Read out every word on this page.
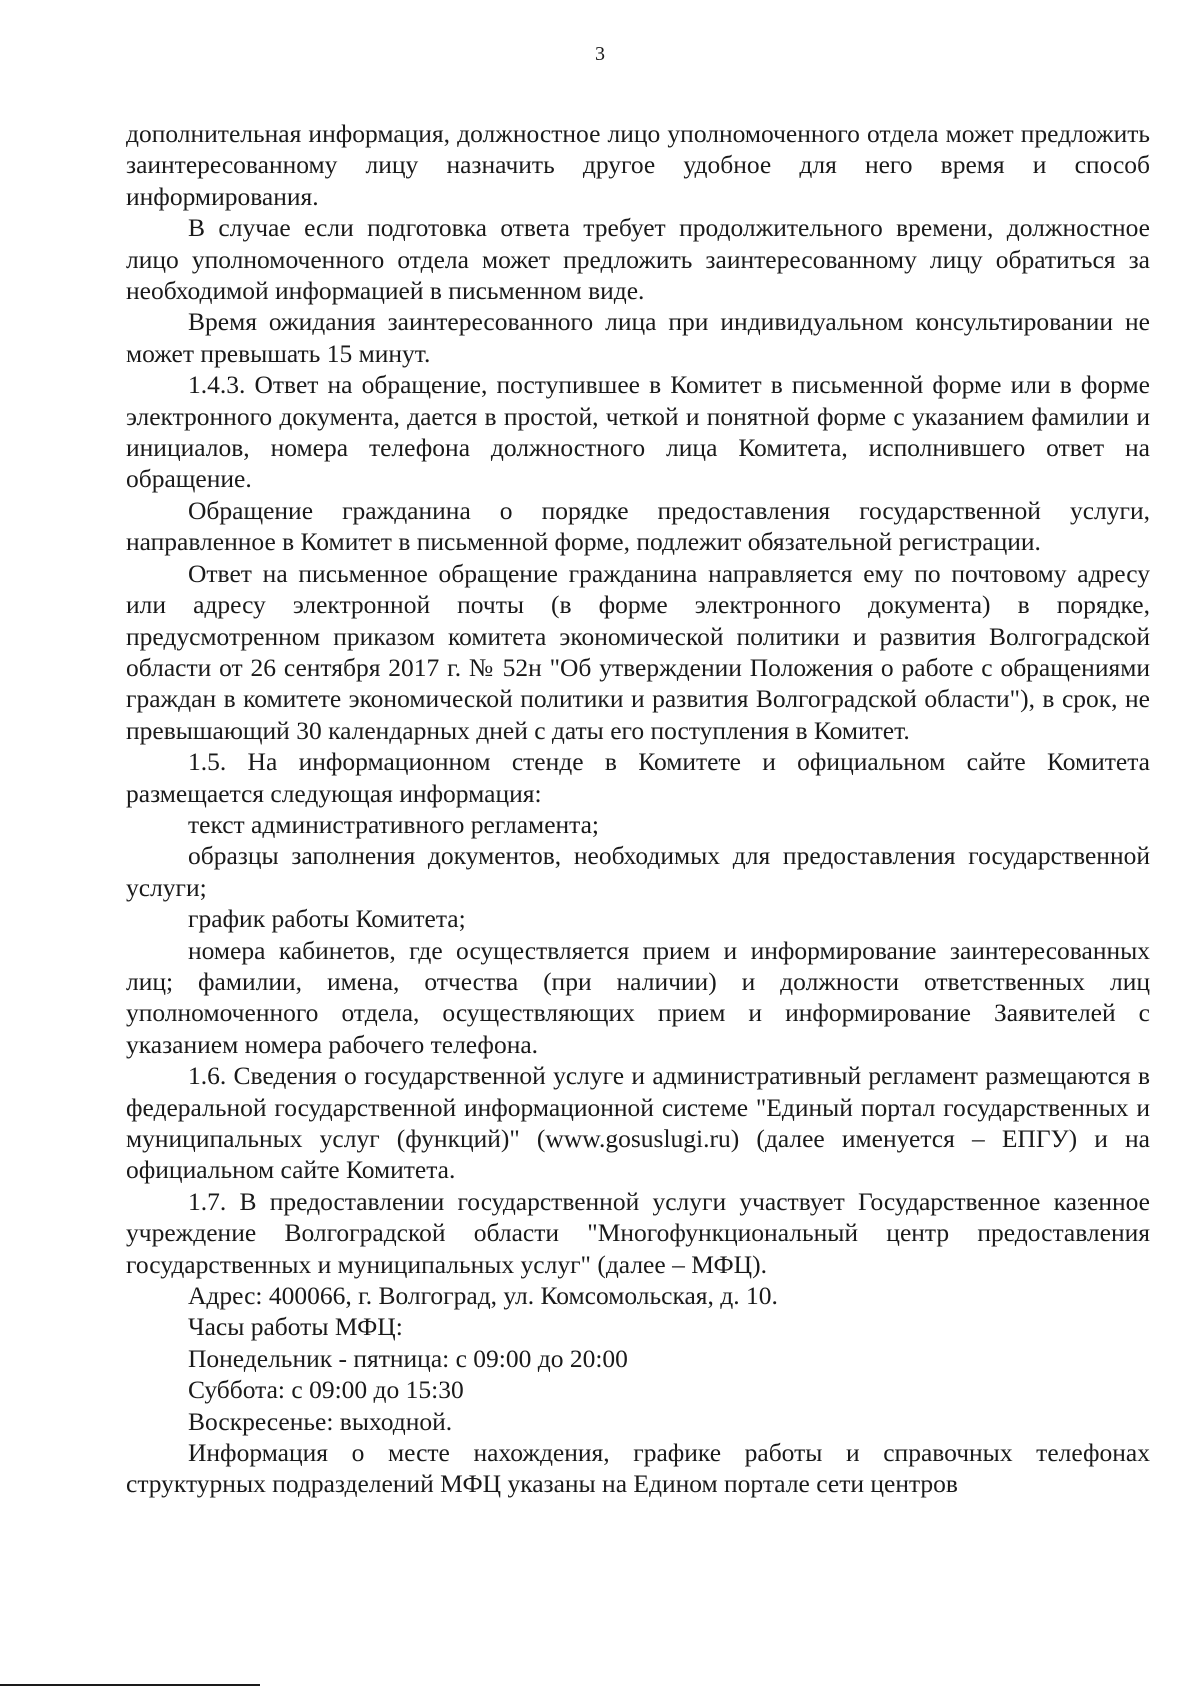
3

дополнительная информация, должностное лицо уполномоченного отдела может предложить заинтересованному лицу назначить другое удобное для него время и способ информирования.

В случае если подготовка ответа требует продолжительного времени, должностное лицо уполномоченного отдела может предложить заинтересованному лицу обратиться за необходимой информацией в письменном виде.

Время ожидания заинтересованного лица при индивидуальном консультировании не может превышать 15 минут.

1.4.3. Ответ на обращение, поступившее в Комитет в письменной форме или в форме электронного документа, дается в простой, четкой и понятной форме с указанием фамилии и инициалов, номера телефона должностного лица Комитета, исполнившего ответ на обращение.

Обращение гражданина о порядке предоставления государственной услуги, направленное в Комитет в письменной форме, подлежит обязательной регистрации.

Ответ на письменное обращение гражданина направляется ему по почтовому адресу или адресу электронной почты (в форме электронного документа) в порядке, предусмотренном приказом комитета экономической политики и развития Волгоградской области от 26 сентября 2017 г. № 52н "Об утверждении Положения о работе с обращениями граждан в комитете экономической политики и развития Волгоградской области"), в срок, не превышающий 30 календарных дней с даты его поступления в Комитет.

1.5. На информационном стенде в Комитете и официальном сайте Комитета размещается следующая информация:

текст административного регламента;

образцы заполнения документов, необходимых для предоставления государственной услуги;

график работы Комитета;

номера кабинетов, где осуществляется прием и информирование заинтересованных лиц; фамилии, имена, отчества (при наличии) и должности ответственных лиц уполномоченного отдела, осуществляющих прием и информирование Заявителей с указанием номера рабочего телефона.

1.6. Сведения о государственной услуге и административный регламент размещаются в федеральной государственной информационной системе "Единый портал государственных и муниципальных услуг (функций)" (www.gosuslugi.ru) (далее именуется – ЕПГУ) и на официальном сайте Комитета.

1.7. В предоставлении государственной услуги участвует Государственное казенное учреждение Волгоградской области "Многофункциональный центр предоставления государственных и муниципальных услуг" (далее – МФЦ).

Адрес: 400066, г. Волгоград, ул. Комсомольская, д. 10.

Часы работы МФЦ:

Понедельник - пятница: с 09:00 до 20:00

Суббота: с 09:00 до 15:30

Воскресенье: выходной.

Информация о месте нахождения, графике работы и справочных телефонах структурных подразделений МФЦ указаны на Едином портале сети центров
